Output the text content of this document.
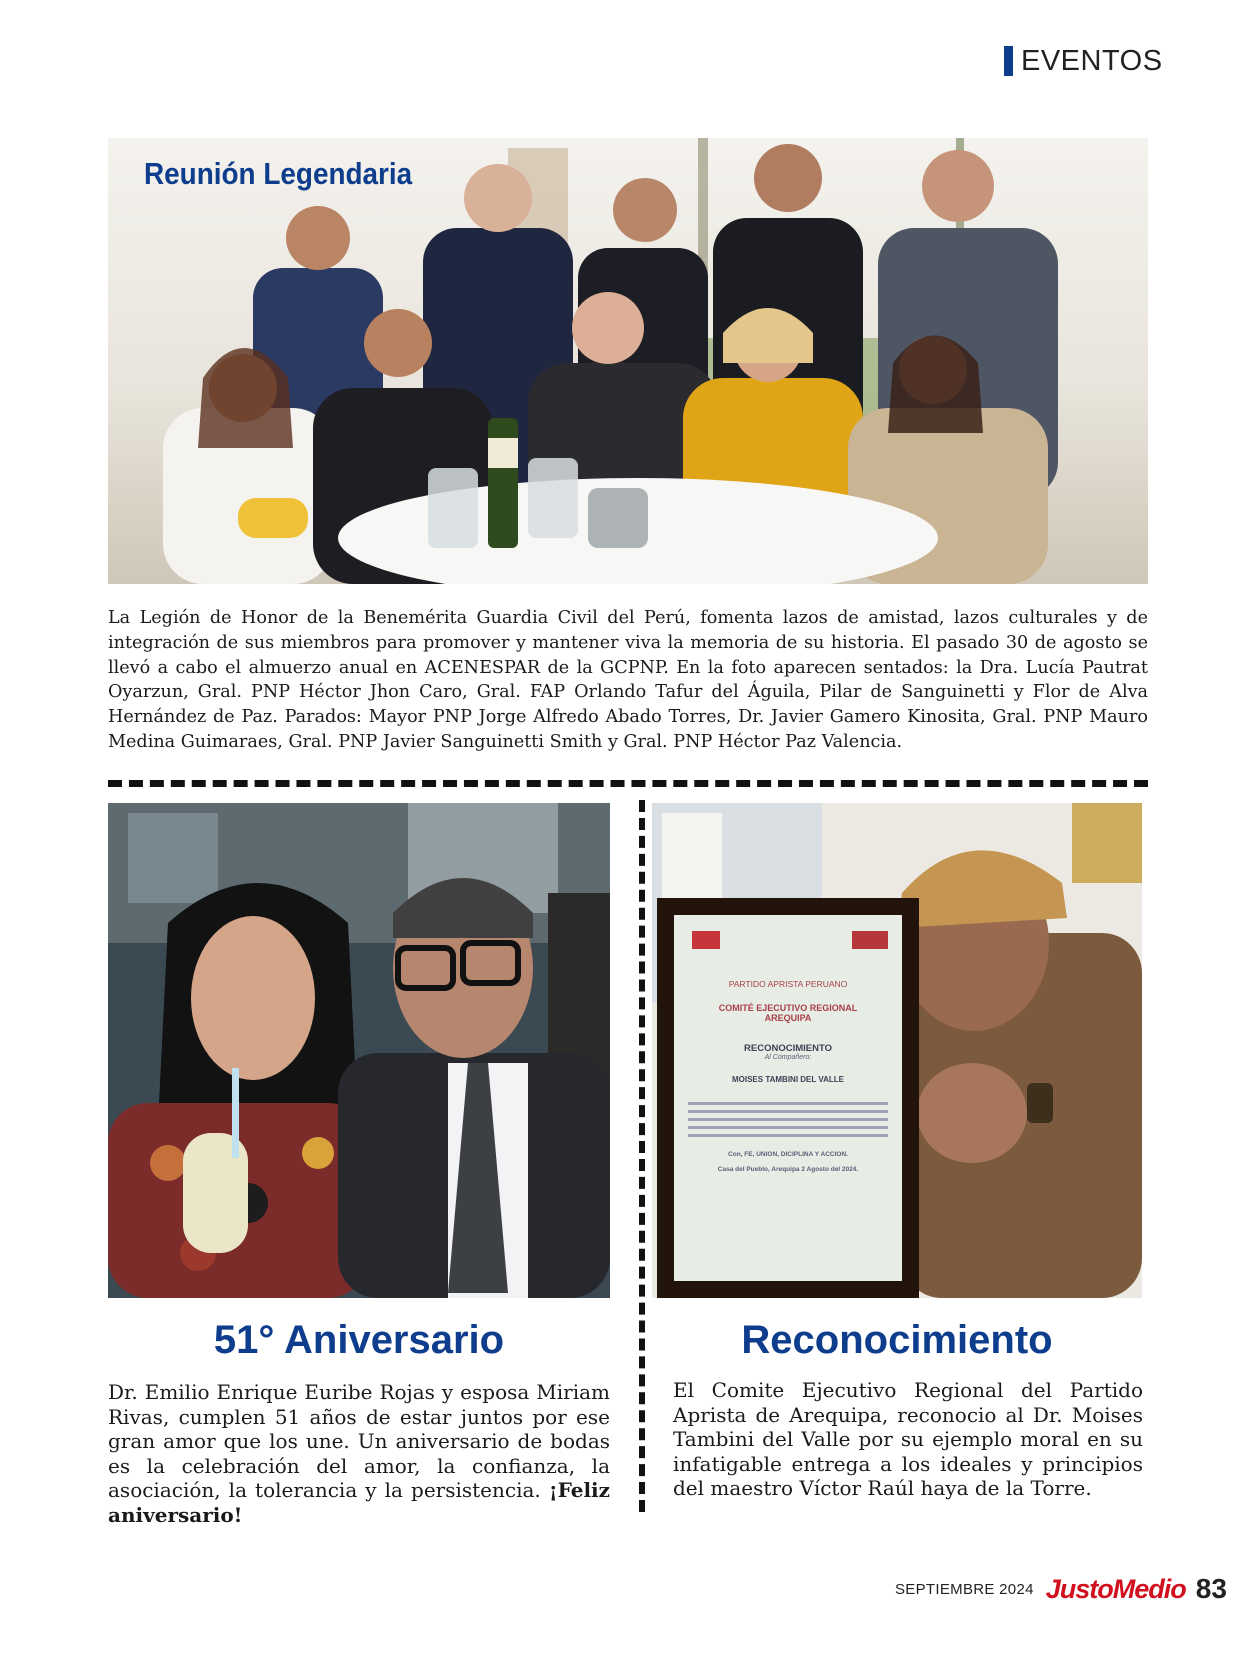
EVENTOS
Reunión Legendaria
La Legión de Honor de la Benemérita Guardia Civil del Perú, fomenta lazos de amistad, lazos culturales y de integración de sus miembros para promover y mantener viva la memoria de su historia. El pasado 30 de agosto se llevó a cabo el almuerzo anual en ACENESPAR de la GCPNP. En la foto aparecen sentados: la Dra. Lucía Pautrat Oyarzun, Gral. PNP Héctor Jhon Caro, Gral. FAP Orlando Tafur del Águila, Pilar de Sanguinetti y Flor de Alva Hernández de Paz. Parados: Mayor PNP Jorge Alfredo Abado Torres, Dr. Javier Gamero Kinosita, Gral. PNP Mauro Medina Guimaraes, Gral. PNP Javier Sanguinetti Smith y Gral. PNP Héctor Paz Valencia.
PARTIDO APRISTA PERUANO
COMITÉ EJECUTIVO REGIONAL
AREQUIPA
RECONOCIMIENTO
Al Compañero:
MOISES TAMBINI DEL VALLE
Con, FE, UNION, DICIPLINA Y ACCION.
Casa del Pueblo, Arequipa 2 Agosto del 2024.
51° Aniversario
Dr. Emilio Enrique Euribe Rojas y esposa Miriam Rivas, cumplen 51 años de estar juntos por ese gran amor que los une. Un aniversario de bodas es la celebración del amor, la confianza, la asociación, la tolerancia y la persistencia. ¡Feliz aniversario!
Reconocimiento
El Comite Ejecutivo Regional del Partido Aprista de Arequipa, reconocio al Dr. Moises Tambini del Valle por su ejemplo moral en su infatigable entrega a los ideales y principios del maestro Víctor Raúl haya de la Torre.
SEPTIEMBRE 2024 JustoMedio 83
